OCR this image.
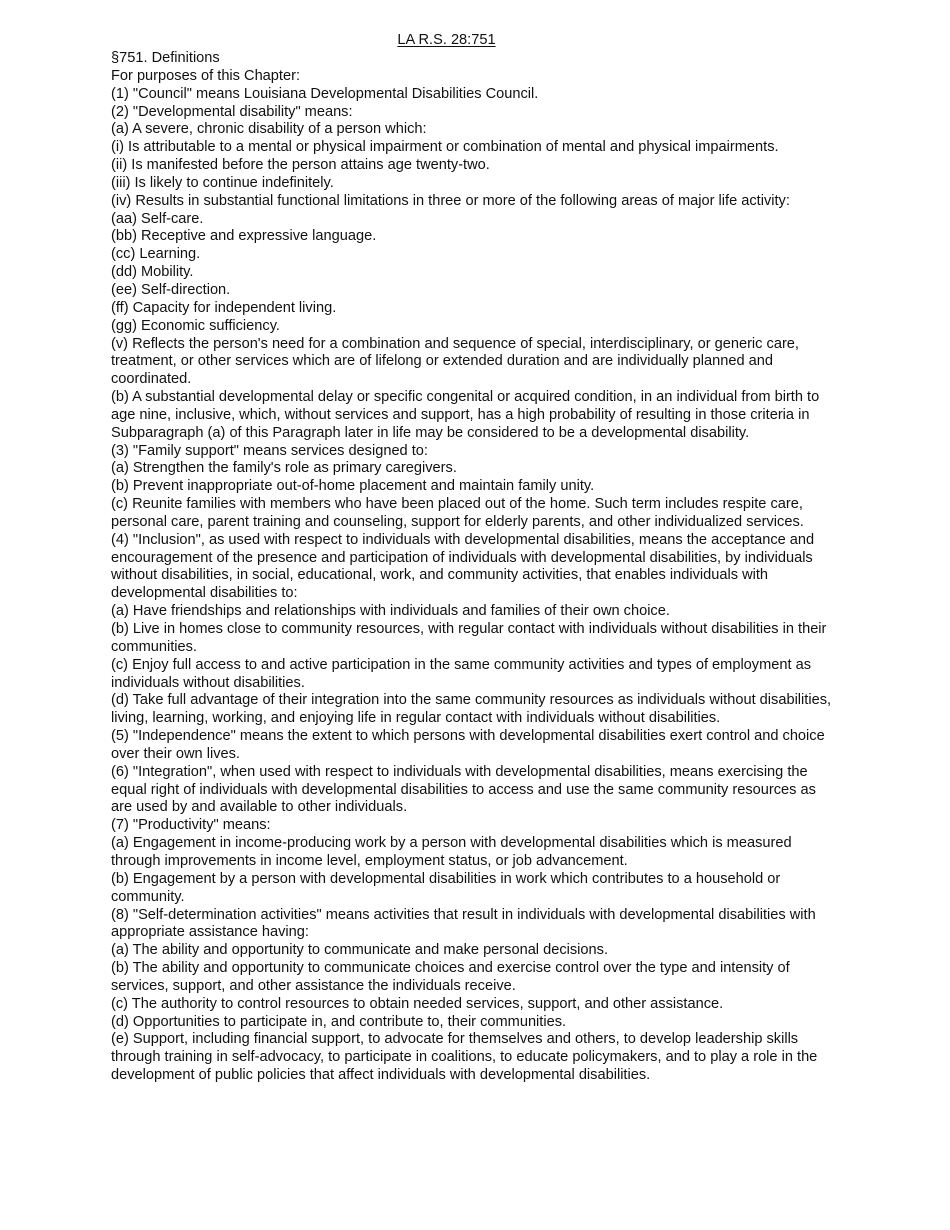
LA R.S. 28:751
§751. Definitions
For purposes of this Chapter:
(1) "Council" means Louisiana Developmental Disabilities Council.
(2) "Developmental disability" means:
(a) A severe, chronic disability of a person which:
(i) Is attributable to a mental or physical impairment or combination of mental and physical impairments.
(ii) Is manifested before the person attains age twenty-two.
(iii) Is likely to continue indefinitely.
(iv) Results in substantial functional limitations in three or more of the following areas of major life activity:
(aa) Self-care.
(bb) Receptive and expressive language.
(cc) Learning.
(dd) Mobility.
(ee) Self-direction.
(ff) Capacity for independent living.
(gg) Economic sufficiency.
(v) Reflects the person's need for a combination and sequence of special, interdisciplinary, or generic care, treatment, or other services which are of lifelong or extended duration and are individually planned and coordinated.
(b) A substantial developmental delay or specific congenital or acquired condition, in an individual from birth to age nine, inclusive, which, without services and support, has a high probability of resulting in those criteria in Subparagraph (a) of this Paragraph later in life may be considered to be a developmental disability.
(3) "Family support" means services designed to:
(a) Strengthen the family's role as primary caregivers.
(b) Prevent inappropriate out-of-home placement and maintain family unity.
(c) Reunite families with members who have been placed out of the home. Such term includes respite care, personal care, parent training and counseling, support for elderly parents, and other individualized services.
(4) "Inclusion", as used with respect to individuals with developmental disabilities, means the acceptance and encouragement of the presence and participation of individuals with developmental disabilities, by individuals without disabilities, in social, educational, work, and community activities, that enables individuals with developmental disabilities to:
(a) Have friendships and relationships with individuals and families of their own choice.
(b) Live in homes close to community resources, with regular contact with individuals without disabilities in their communities.
(c) Enjoy full access to and active participation in the same community activities and types of employment as individuals without disabilities.
(d) Take full advantage of their integration into the same community resources as individuals without disabilities, living, learning, working, and enjoying life in regular contact with individuals without disabilities.
(5) "Independence" means the extent to which persons with developmental disabilities exert control and choice over their own lives.
(6) "Integration", when used with respect to individuals with developmental disabilities, means exercising the equal right of individuals with developmental disabilities to access and use the same community resources as are used by and available to other individuals.
(7) "Productivity" means:
(a) Engagement in income-producing work by a person with developmental disabilities which is measured through improvements in income level, employment status, or job advancement.
(b) Engagement by a person with developmental disabilities in work which contributes to a household or community.
(8) "Self-determination activities" means activities that result in individuals with developmental disabilities with appropriate assistance having:
(a) The ability and opportunity to communicate and make personal decisions.
(b) The ability and opportunity to communicate choices and exercise control over the type and intensity of services, support, and other assistance the individuals receive.
(c) The authority to control resources to obtain needed services, support, and other assistance.
(d) Opportunities to participate in, and contribute to, their communities.
(e) Support, including financial support, to advocate for themselves and others, to develop leadership skills through training in self-advocacy, to participate in coalitions, to educate policymakers, and to play a role in the development of public policies that affect individuals with developmental disabilities.
